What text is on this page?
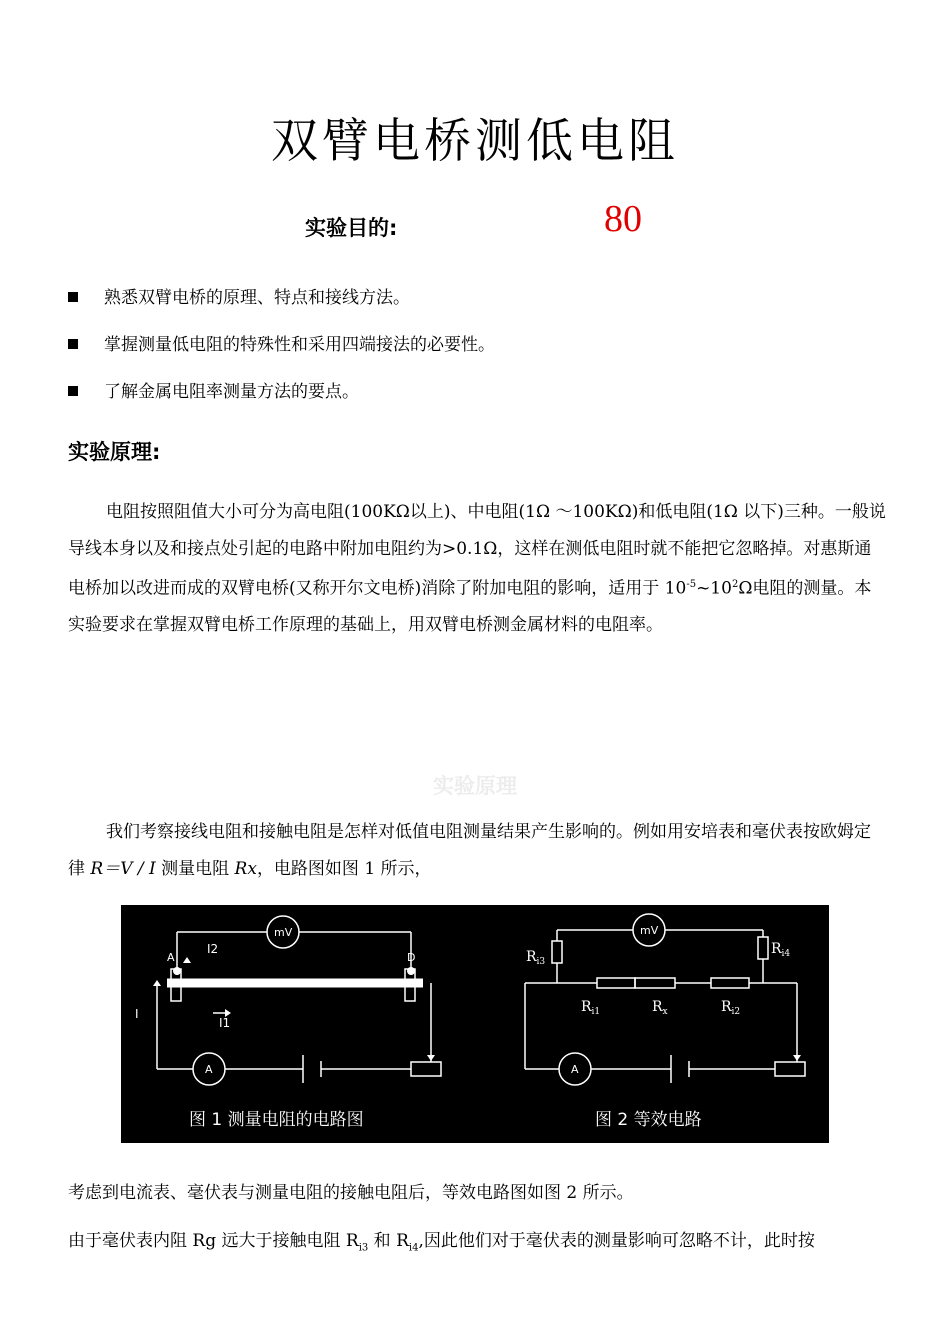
双臂电桥测低电阻
实验目的:	80
熟悉双臂电桥的原理、特点和接线方法。
掌握测量低电阻的特殊性和采用四端接法的必要性。
了解金属电阻率测量方法的要点。
实验原理:
电阻按照阻值大小可分为高电阻(100KΩ以上)、中电阻(1Ω ～100KΩ)和低电阻(1Ω 以下)三种。一般说导线本身以及和接点处引起的电路中附加电阻约为>0.1Ω，这样在测低电阻时就不能把它忽略掉。对惠斯通电桥加以改进而成的双臂电桥(又称开尔文电桥)消除了附加电阻的影响，适用于 $10^{-5}\sim 10^2\Omega$电阻的测量。本实验要求在掌握双臂电桥工作原理的基础上，用双臂电桥测金属材料的电阻率。
实验原理
我们考察接线电阻和接触电阻是怎样对低值电阻测量结果产生影响的。例如用安培表和毫伏表按欧姆定律 R＝V / I 测量电阻 Rx，电路图如图 1 所示，
mV
A
A	D
I2
I
I1
mV
A
$R_{i3}$
$R_{i4}$
$R_{i1}$	$R_x$	$R_{i2}$
图 1 测量电阻的电路图	图 2 等效电路
考虑到电流表、毫伏表与测量电阻的接触电阻后，等效电路图如图 2 所示。
由于毫伏表内阻 Rg 远大于接触电阻 $R_{i3}$ 和 $R_{i4}$,因此他们对于毫伏表的测量影响可忽略不计，此时按
